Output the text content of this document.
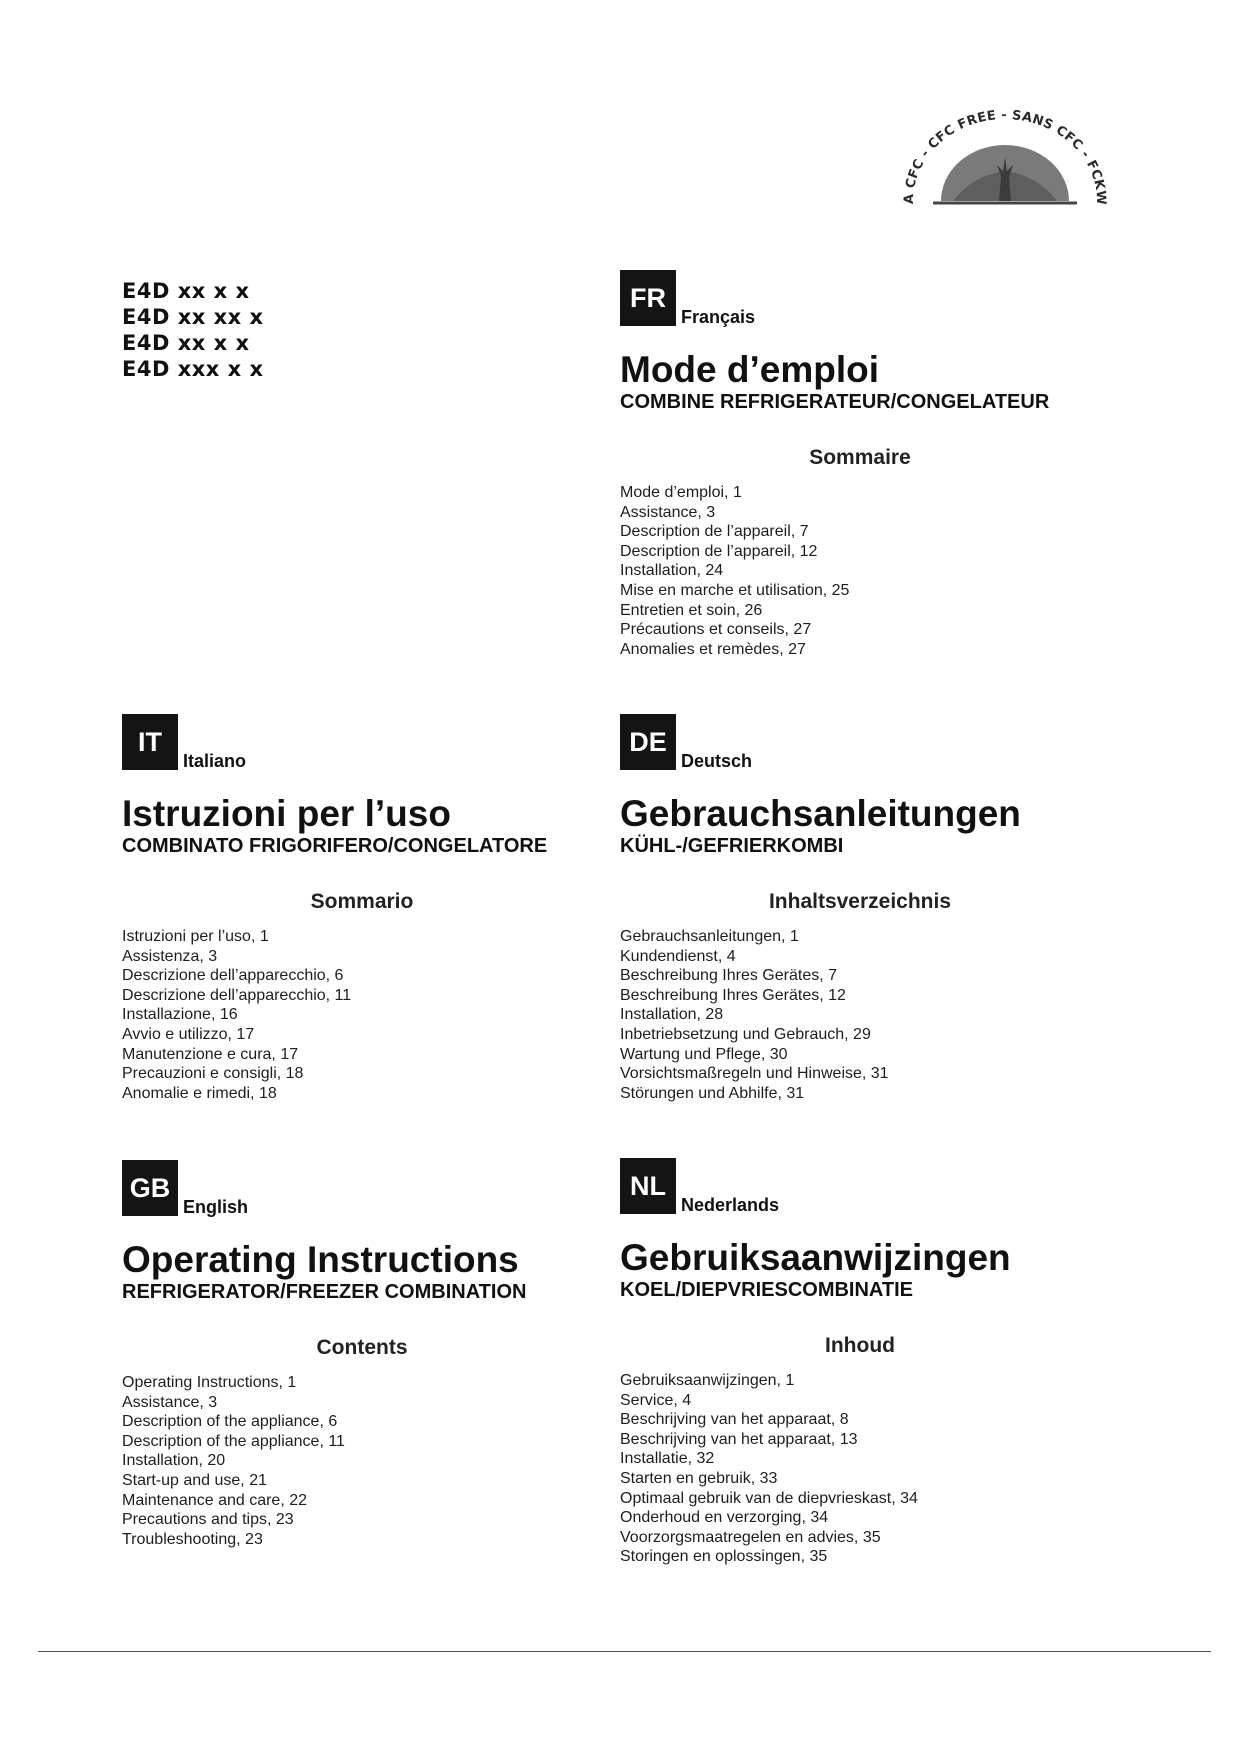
E4D xx x x
E4D xx xx x
E4D xx x x
E4D xxx x x
A CFC - CFC FREE - SANS CFC - FCKW
FR
Français
Mode d’emploi
COMBINE REFRIGERATEUR/CONGELATEUR
Sommaire
Mode d’emploi, 1
Assistance, 3
Description de l’appareil, 7
Description de l’appareil, 12
Installation, 24
Mise en marche et utilisation, 25
Entretien et soin, 26
Précautions et conseils, 27
Anomalies et remèdes, 27
IT
Italiano
Istruzioni per l’uso
COMBINATO FRIGORIFERO/CONGELATORE
Sommario
Istruzioni per l’uso, 1
Assistenza, 3
Descrizione dell’apparecchio, 6
Descrizione dell’apparecchio, 11
Installazione, 16
Avvio e utilizzo, 17
Manutenzione e cura, 17
Precauzioni e consigli, 18
Anomalie e rimedi, 18
DE
Deutsch
Gebrauchsanleitungen
KÜHL-/GEFRIERKOMBI
Inhaltsverzeichnis
Gebrauchsanleitungen, 1
Kundendienst, 4
Beschreibung Ihres Gerätes, 7
Beschreibung Ihres Gerätes, 12
Installation, 28
Inbetriebsetzung und Gebrauch, 29
Wartung und Pflege, 30
Vorsichtsmaßregeln und Hinweise, 31
Störungen und Abhilfe, 31
GB
English
Operating Instructions
REFRIGERATOR/FREEZER COMBINATION
Contents
Operating Instructions, 1
Assistance, 3
Description of the appliance, 6
Description of the appliance, 11
Installation, 20
Start-up and use, 21
Maintenance and care, 22
Precautions and tips, 23
Troubleshooting, 23
NL
Nederlands
Gebruiksaanwijzingen
KOEL/DIEPVRIESCOMBINATIE
Inhoud
Gebruiksaanwijzingen, 1
Service, 4
Beschrijving van het apparaat, 8
Beschrijving van het apparaat, 13
Installatie, 32
Starten en gebruik, 33
Optimaal gebruik van de diepvrieskast, 34
Onderhoud en verzorging, 34
Voorzorgsmaatregelen en advies, 35
Storingen en oplossingen, 35
